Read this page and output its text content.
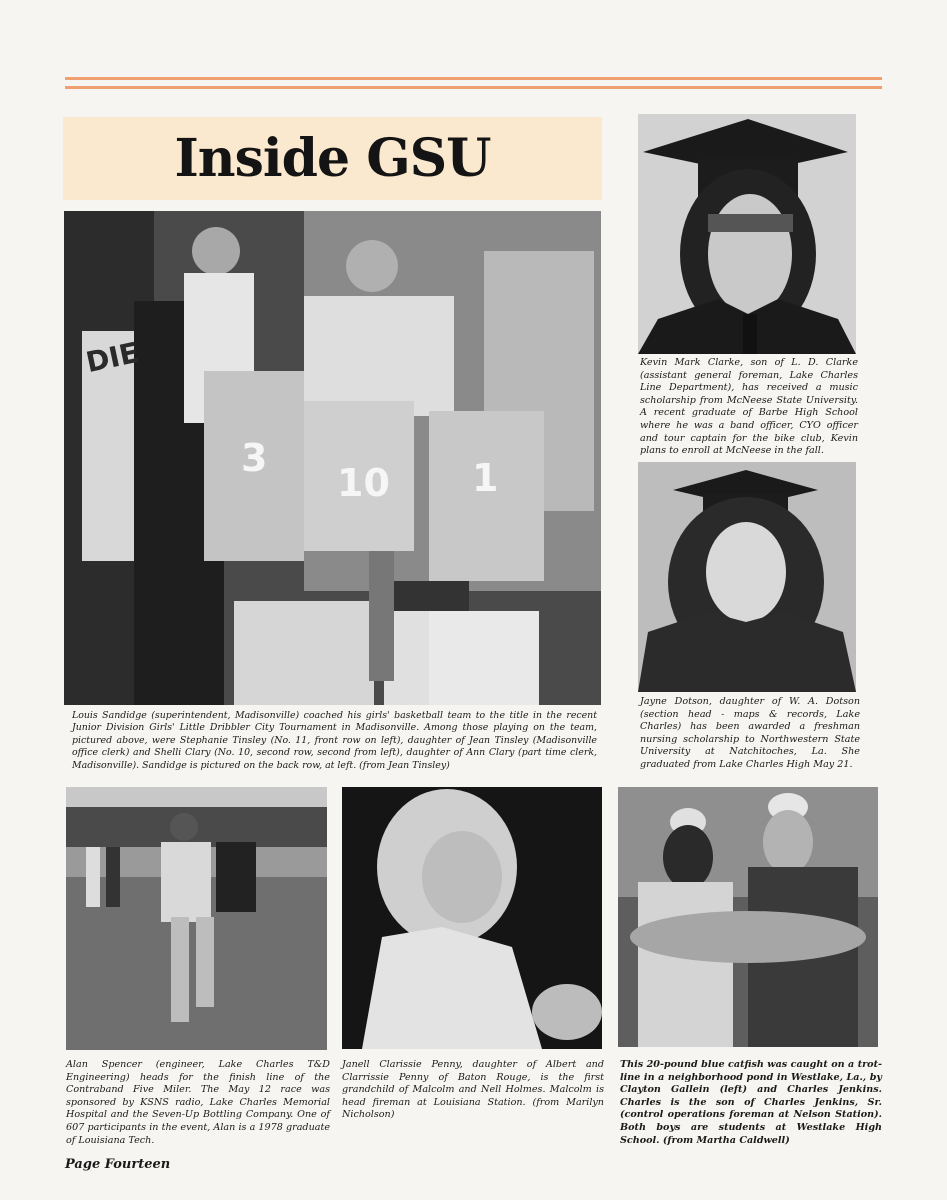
Inside GSU
DIE
3
10 1
Louis Sandidge (superintendent, Madisonville) coached his girls' basketball team to the title in the recent Junior Division Girls' Little Dribbler City Tournament in Madisonville. Among those playing on the team, pictured above, were Stephanie Tinsley (No. 11, front row on left), daughter of Jean Tinsley (Madisonville office clerk) and Shelli Clary (No. 10, second row, second from left), daughter of Ann Clary (part time clerk, Madisonville). Sandidge is pictured on the back row, at left. (from Jean Tinsley)
Kevin Mark Clarke, son of L. D. Clarke (assistant general foreman, Lake Charles Line Department), has received a music scholarship from McNeese State University. A recent graduate of Barbe High School where he was a band officer, CYO officer and tour captain for the bike club, Kevin plans to enroll at McNeese in the fall.
Jayne Dotson, daughter of W. A. Dotson (section head - maps & records, Lake Charles) has been awarded a freshman nursing scholarship to Northwestern State University at Natchitoches, La. She graduated from Lake Charles High May 21.
Alan Spencer (engineer, Lake Charles T&D Engineering) heads for the finish line of the Contraband Five Miler. The May 12 race was sponsored by KSNS radio, Lake Charles Memorial Hospital and the Seven-Up Bottling Company. One of 607 participants in the event, Alan is a 1978 graduate of Louisiana Tech.
Janell Clarissie Penny, daughter of Albert and Clarrissie Penny of Baton Rouge, is the first grandchild of Malcolm and Nell Holmes. Malcolm is head fireman at Louisiana Station. (from Marilyn Nicholson)
This 20-pound blue catfish was caught on a trot-line in a neighborhood pond in Westlake, La., by Clayton Gallein (left) and Charles Jenkins. Charles is the son of Charles Jenkins, Sr. (control operations foreman at Nelson Station). Both boys are students at Westlake High School. (from Martha Caldwell)
Page Fourteen
